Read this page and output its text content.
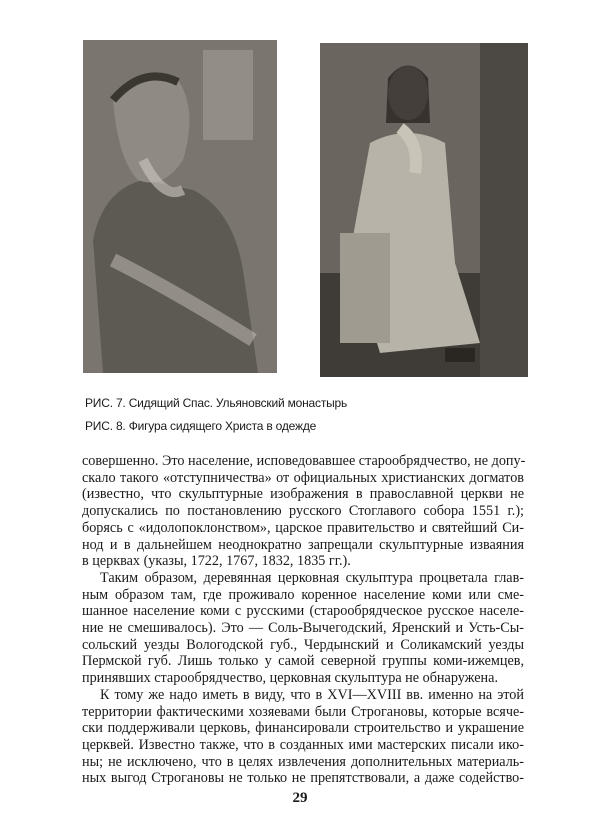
РИС. 7. Сидящий Спас. Ульяновский монастырь
РИС. 8. Фигура сидящего Христа в одежде
совершенно. Это население, исповедовавшее старообрядчество, не допу-
скало такого «отступничества» от официальных христианских догматов
(известно, что скульптурные изображения в православной церкви не
допускались по постановлению русского Стоглавого собора 1551 г.);
борясь с «идолопоклонством», царское правительство и святейший Си-
нод и в дальнейшем неоднократно запрещали скульптурные изваяния
в церквах (указы, 1722, 1767, 1832, 1835 гг.).
Таким образом, деревянная церковная скульптура процветала глав-
ным образом там, где проживало коренное население коми или сме-
шанное население коми с русскими (старообрядческое русское населе-
ние не смешивалось). Это — Соль-Вычегодский, Яренский и Усть-Сы-
сольский уезды Вологодской губ., Чердынский и Соликамский уезды
Пермской губ. Лишь только у самой северной группы коми-ижемцев,
принявших старообрядчество, церковная скульптура не обнаружена.
К тому же надо иметь в виду, что в XVI—XVIII вв. именно на этой
территории фактическими хозяевами были Строгановы, которые всяче-
ски поддерживали церковь, финансировали строительство и украшение
церквей. Известно также, что в созданных ими мастерских писали ико-
ны; не исключено, что в целях извлечения дополнительных материаль-
ных выгод Строгановы не только не препятствовали, а даже содейство-
29
